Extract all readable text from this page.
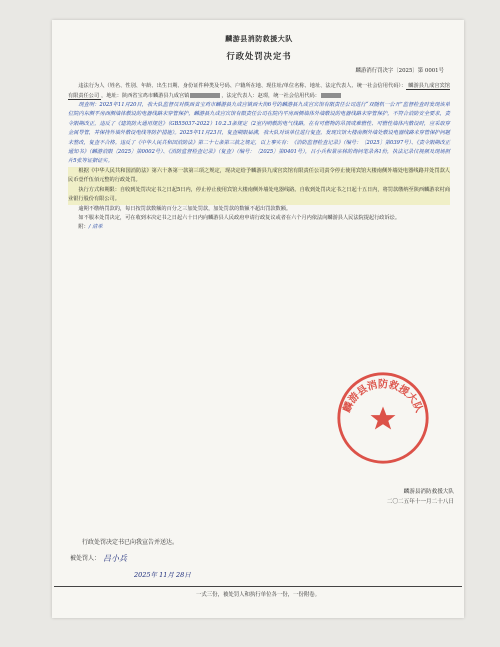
麟游县消防救援大队
行政处罚决定书
麟游消行罚决字〔2025〕第 0001号

违法行为人（姓名、性别、年龄、出生日期、身份证件种类及号码、户籍所在地、现住址/单位名称、地址、法定代表人、统一社会信用代码）： 麟游县九成宫宾馆有限责任公司 ，地址：陕西省宝鸡市麟游县九成宫镇	，法定代表人：赵璟，统一社会信用代码：

现查明：2025年11月20日，我大队监督员对陕西省宝鸡市麟游县九成宫镇西大街6号的麟游县九成宫宾馆有限责任公司进行“双随机一公开”监督检查时发现该单位院内东侧平房西侧墙体敷设的电器线路未穿管保护，麟游县九成宫宾馆有限责任公司在院内平房西侧墙体外墙敷设的电器线路未穿管保护，不符合消防安全要求，责令限期改正，违反了《建筑防火通用规范》（GB55037-2022）10.2.3条规定（2室内明敷的电气线路，在有可燃物的吊顶或难燃性、可燃性墙体内敷设时，应采取穿金属导管，并保持外墙外敷设电线等防护措施）。2025年11月23日，复查期限届满，我大队对该单位进行复查，发现宾馆大楼南侧外墙处敷设电器线路未穿管保护问题未整改，复查不合格。违反了《中华人民共和国消防法》第二十七条第三款之规定，以上事实有：《消防监督检查记录》（编号：〔2025〕第0397号）、《责令限期改正通知书》（麟游消限〔2025〕第0002号）、《消防监督检查记录》（复查）（编号：〔2025〕第0401号），吕小兵和景宗林的询问笔录各1份，执法记录仪视频及现场照片5张等证据证实。

根据《中华人民共和国消防法》第六十条第一款第三项之规定，现决定给予麟游县九成宫宾馆有限责任公司责令停止使用宾馆大楼南侧外墙处电器线路并处罚款人民币壹仟伍佰元整的行政处罚。

执行方式和期限：自收到处罚决定书之日起5日内，停止停止使用宾馆大楼南侧外墙处电器线路。自收到处罚决定书之日起十五日内，将罚款缴纳至陕西麟游农村商业银行股份有限公司。

逾期不缴纳罚款的，每日按罚款数额的百分之三加处罚款，加处罚款的数额不超出罚款数额。

如不服本处罚决定，可在收到本决定书之日起六十日内向麟游县人民政府申请行政复议或者在六个月内依法向麟游县人民法院提起行政诉讼。

附：/ 清单

麟游县消防救援大队
麟游县消防救援大队
二〇二五年十一月二十八日
行政处罚决定书已向我宣告并送达。
被处罚人： 吕小兵
2025年 11月 28日
一式三份，被处罚人和执行单位各一份，一份附卷。
